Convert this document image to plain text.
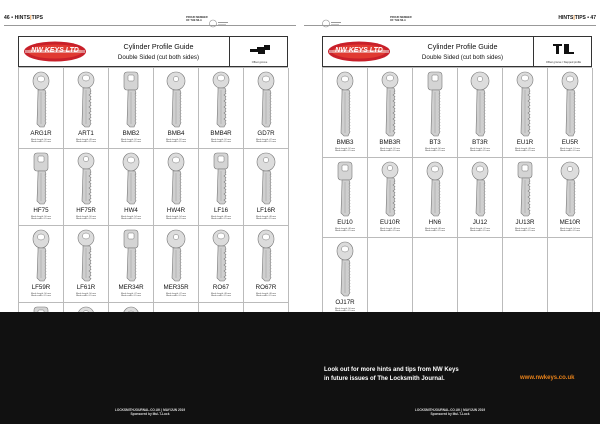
46 • HINTS|TIPS	PROUD MEMBER
OF THE MLA
NW KEYS LTD	Cylinder Profile Guide
Double Sided (cut both sides)
Offset groove
ARG1R
Blank length: 50 mm
Blade width: 6.5 mm
ART1
Blank length: 49 mm
Blade width: 6.5 mm
BMB2
Blank length: 52 mm
Blade width: 6.5 mm
BMB4
Blank length: 52 mm
Blade width: 6.5 mm
BMB4R
Blank length: 52 mm
Blade width: 6.5 mm
GD7R
Blank length: 47 mm
Blade width: 6.5 mm
HF75
Blank length: 50 mm
Blade width: 6.5 mm
HF75R
Blank length: 50 mm
Blade width: 6.5 mm
HW4
Blank length: 54 mm
Blade width: 6.5 mm
HW4R
Blank length: 54 mm
Blade width: 6.5 mm
LF16
Blank length: 48 mm
Blade width: 6.5 mm
LF16R
Blank length: 48 mm
Blade width: 6.5 mm
LF59R
Blank length: 50 mm
Blade width: 6.5 mm
LF61R
Blank length: 50 mm
Blade width: 6.5 mm
MER34R
Blank length: 47 mm
Blade width: 6.5 mm
MER35R
Blank length: 47 mm
Blade width: 6.5 mm
RO67
Blank length: 48 mm
Blade width: 6.5 mm
RO67R
Blank length: 48 mm
Blade width: 6.5 mm
LOCKSMITHJOURNAL.CO.UK | MAY/JUN 2019
Sponsored by Mul-T-Lock
HINTS|TIPS • 47
PROUD MEMBER
OF THE MLA
NW KEYS LTD	Cylinder Profile Guide
Double Sided (cut both sides)
Offset groove / Stepped profile
BMB3
Blank length: 52 mm
Blade width: 6.5 mm
BMB3R
Blank length: 52 mm
Blade width: 6.5 mm
BT3
Blank length: 50 mm
Blade width: 6.5 mm
BT3R
Blank length: 50 mm
Blade width: 6.5 mm
EU1R
Blank length: 49 mm
Blade width: 6.5 mm
EU5R
Blank length: 51 mm
Blade width: 6.5 mm
EU10
Blank length: 48 mm
Blade width: 6.5 mm
EU10R
Blank length: 48 mm
Blade width: 6.5 mm
HN6
Blank length: 48 mm
Blade width: 6.5 mm
JU12
Blank length: 47 mm
Blade width: 6.5 mm
JU13R
Blank length: 47 mm
Blade width: 6.5 mm
ME10R
Blank length: 54 mm
Blade width: 6.5 mm
OJ17R
Blank length: 50 mm
Look out for more hints and tips from NW Keys
in future issues of The Locksmith Journal.	www.nwkeys.co.uk
LOCKSMITHJOURNAL.CO.UK | MAY/JUN 2019
Sponsored by Mul-T-Lock
